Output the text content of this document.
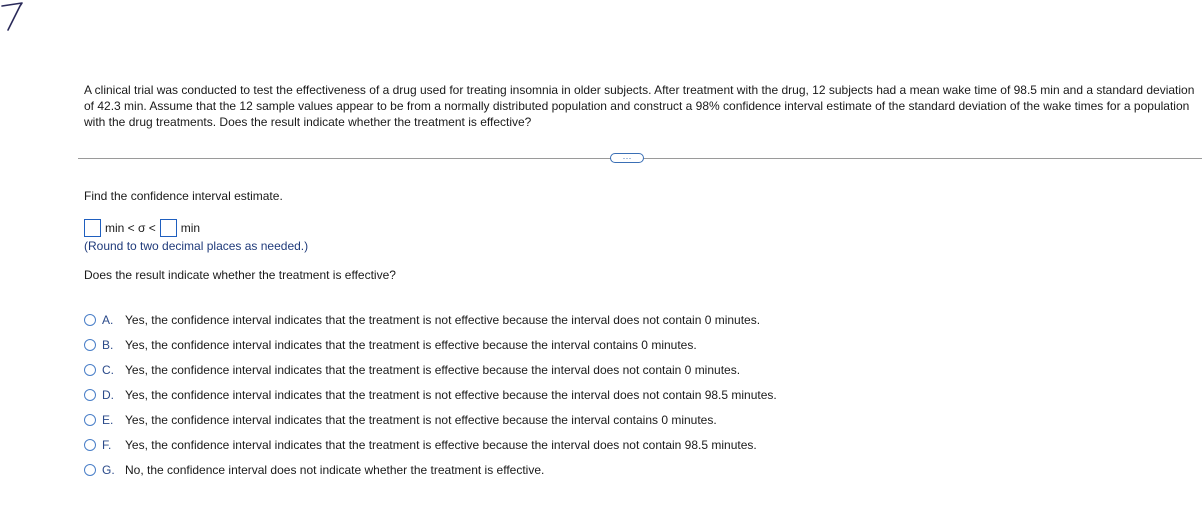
A clinical trial was conducted to test the effectiveness of a drug used for treating insomnia in older subjects. After treatment with the drug, 12 subjects had a mean wake time of 98.5 min and a standard deviation of 42.3 min. Assume that the 12 sample values appear to be from a normally distributed population and construct a 98% confidence interval estimate of the standard deviation of the wake times for a population with the drug treatments. Does the result indicate whether the treatment is effective?
···
Find the confidence interval estimate.
min < σ < min
(Round to two decimal places as needed.)
Does the result indicate whether the treatment is effective?
A. Yes, the confidence interval indicates that the treatment is not effective because the interval does not contain 0 minutes.
B. Yes, the confidence interval indicates that the treatment is effective because the interval contains 0 minutes.
C. Yes, the confidence interval indicates that the treatment is effective because the interval does not contain 0 minutes.
D. Yes, the confidence interval indicates that the treatment is not effective because the interval does not contain 98.5 minutes.
E. Yes, the confidence interval indicates that the treatment is not effective because the interval contains 0 minutes.
F.	Yes, the confidence interval indicates that the treatment is effective because the interval does not contain 98.5 minutes.
G. No, the confidence interval does not indicate whether the treatment is effective.
